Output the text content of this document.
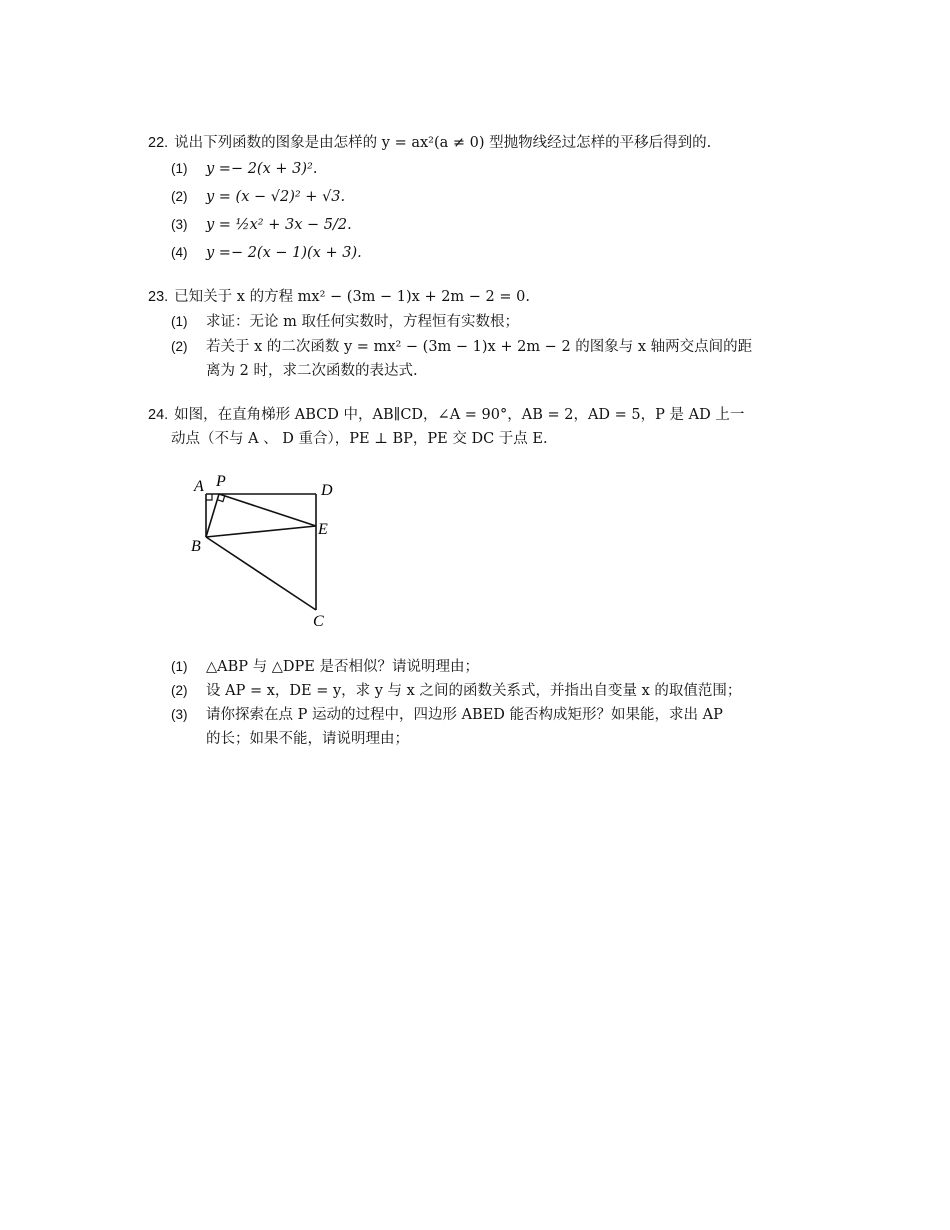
22. 说出下列函数的图象是由怎样的 y = ax²(a ≠ 0) 型抛物线经过怎样的平移后得到的.
(1) y =− 2(x + 3)².
(2) y = (x − √2)² + √3.
(3) y = ½x² + 3x − 5/2.
(4) y =− 2(x − 1)(x + 3).
23. 已知关于 x 的方程 mx² − (3m − 1)x + 2m − 2 = 0.
(1) 求证：无论 m 取任何实数时，方程恒有实数根；
(2) 若关于 x 的二次函数 y = mx² − (3m − 1)x + 2m − 2 的图象与 x 轴两交点间的距
离为 2 时，求二次函数的表达式.
24. 如图，在直角梯形 ABCD 中，AB∥CD，∠A = 90°，AB = 2，AD = 5，P 是 AD 上一
动点（不与 A 、 D 重合），PE ⊥ BP，PE 交 DC 于点 E.
A P
D
E
B
C
(1) △ABP 与 △DPE 是否相似？请说明理由；
(2) 设 AP = x，DE = y，求 y 与 x 之间的函数关系式，并指出自变量 x 的取值范围；
(3) 请你探索在点 P 运动的过程中，四边形 ABED 能否构成矩形？如果能，求出 AP
的长；如果不能，请说明理由；
